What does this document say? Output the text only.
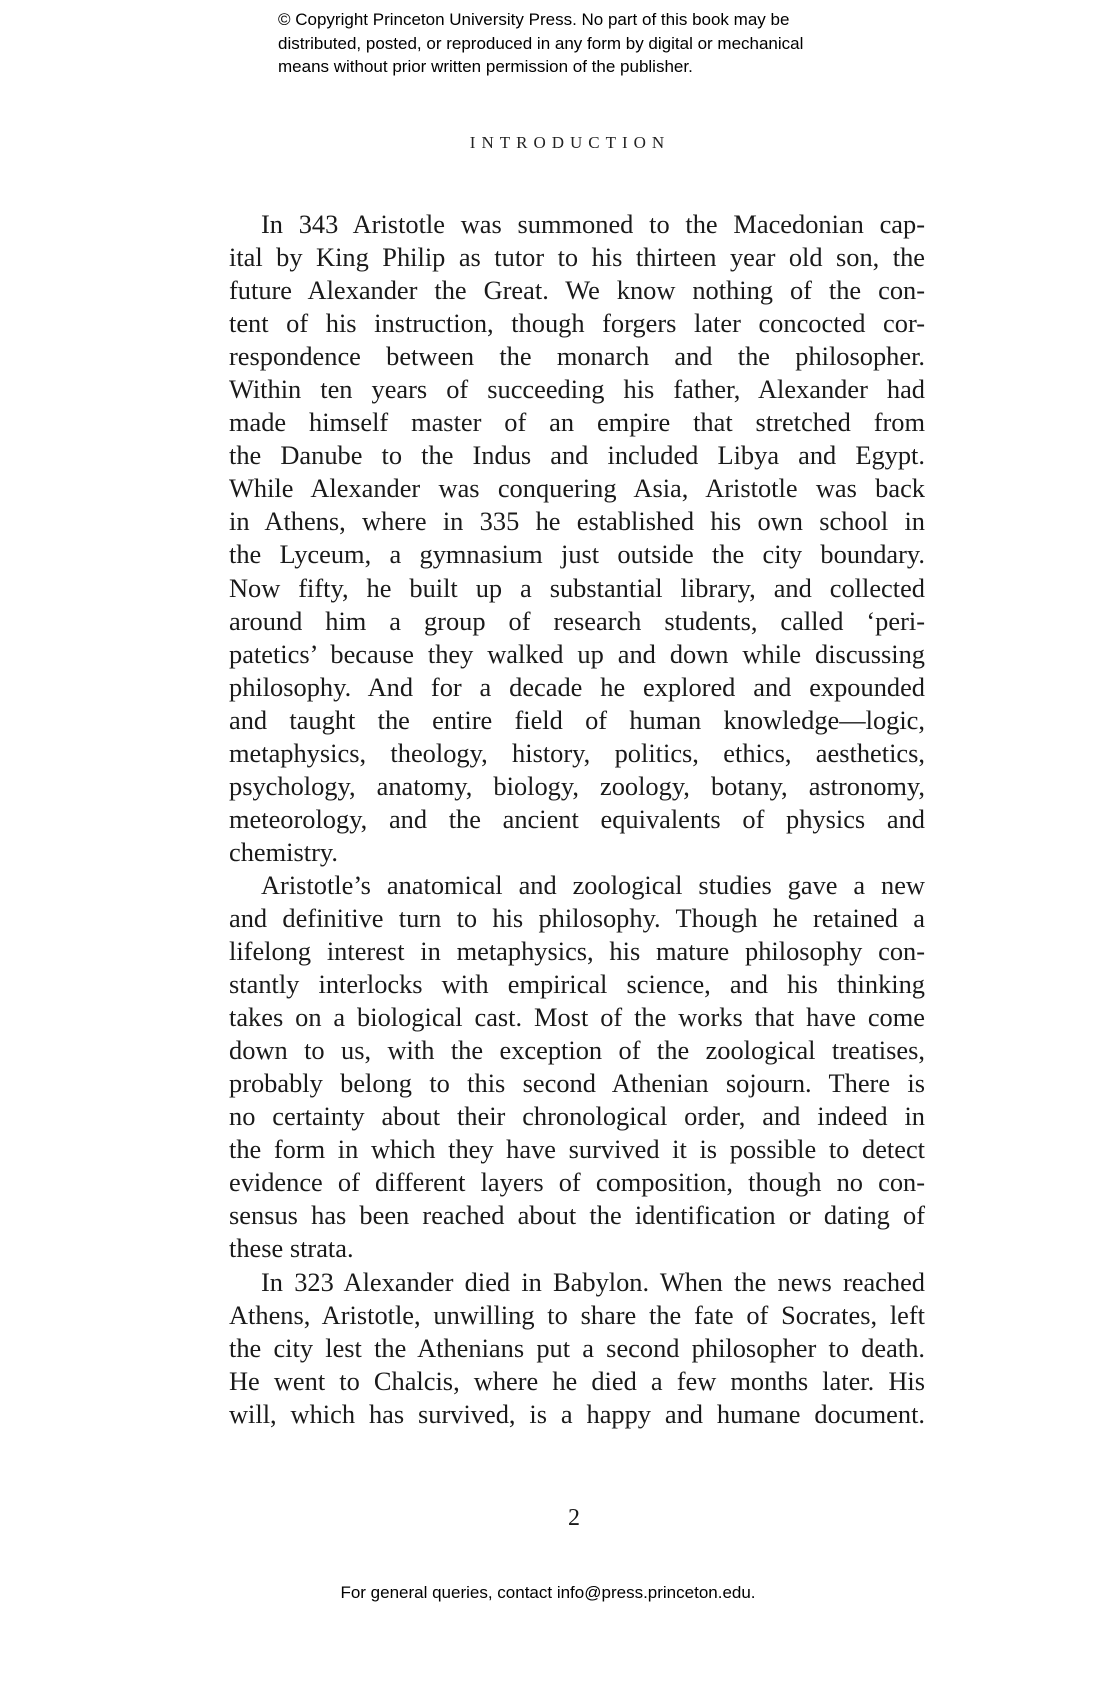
© Copyright Princeton University Press. No part of this book may be
distributed, posted, or reproduced in any form by digital or mechanical
means without prior written permission of the publisher.
INTRODUCTION

In 343 Aristotle was summoned to the Macedonian cap-
ital by King Philip as tutor to his thirteen year old son, the
future Alexander the Great. We know nothing of the con-
tent of his instruction, though forgers later concocted cor-
respondence between the monarch and the philosopher.
Within ten years of succeeding his father, Alexander had
made himself master of an empire that stretched from
the Danube to the Indus and included Libya and Egypt.
While Alexander was conquering Asia, Aristotle was back
in Athens, where in 335 he established his own school in
the Lyceum, a gymnasium just outside the city boundary.
Now fifty, he built up a substantial library, and collected
around him a group of research students, called ‘peri-
patetics’ because they walked up and down while discussing
philosophy. And for a decade he explored and expounded
and taught the entire field of human knowledge—logic,
metaphysics, theology, history, politics, ethics, aesthetics,
psychology, anatomy, biology, zoology, botany, astronomy,
meteorology, and the ancient equivalents of physics and
chemistry.

Aristotle’s anatomical and zoological studies gave a new
and definitive turn to his philosophy. Though he retained a
lifelong interest in metaphysics, his mature philosophy con-
stantly interlocks with empirical science, and his thinking
takes on a biological cast. Most of the works that have come
down to us, with the exception of the zoological treatises,
probably belong to this second Athenian sojourn. There is
no certainty about their chronological order, and indeed in
the form in which they have survived it is possible to detect
evidence of different layers of composition, though no con-
sensus has been reached about the identification or dating of
these strata.

In 323 Alexander died in Babylon. When the news reached
Athens, Aristotle, unwilling to share the fate of Socrates, left
the city lest the Athenians put a second philosopher to death.
He went to Chalcis, where he died a few months later. His
will, which has survived, is a happy and humane document.

2
For general queries, contact info@press.princeton.edu.
